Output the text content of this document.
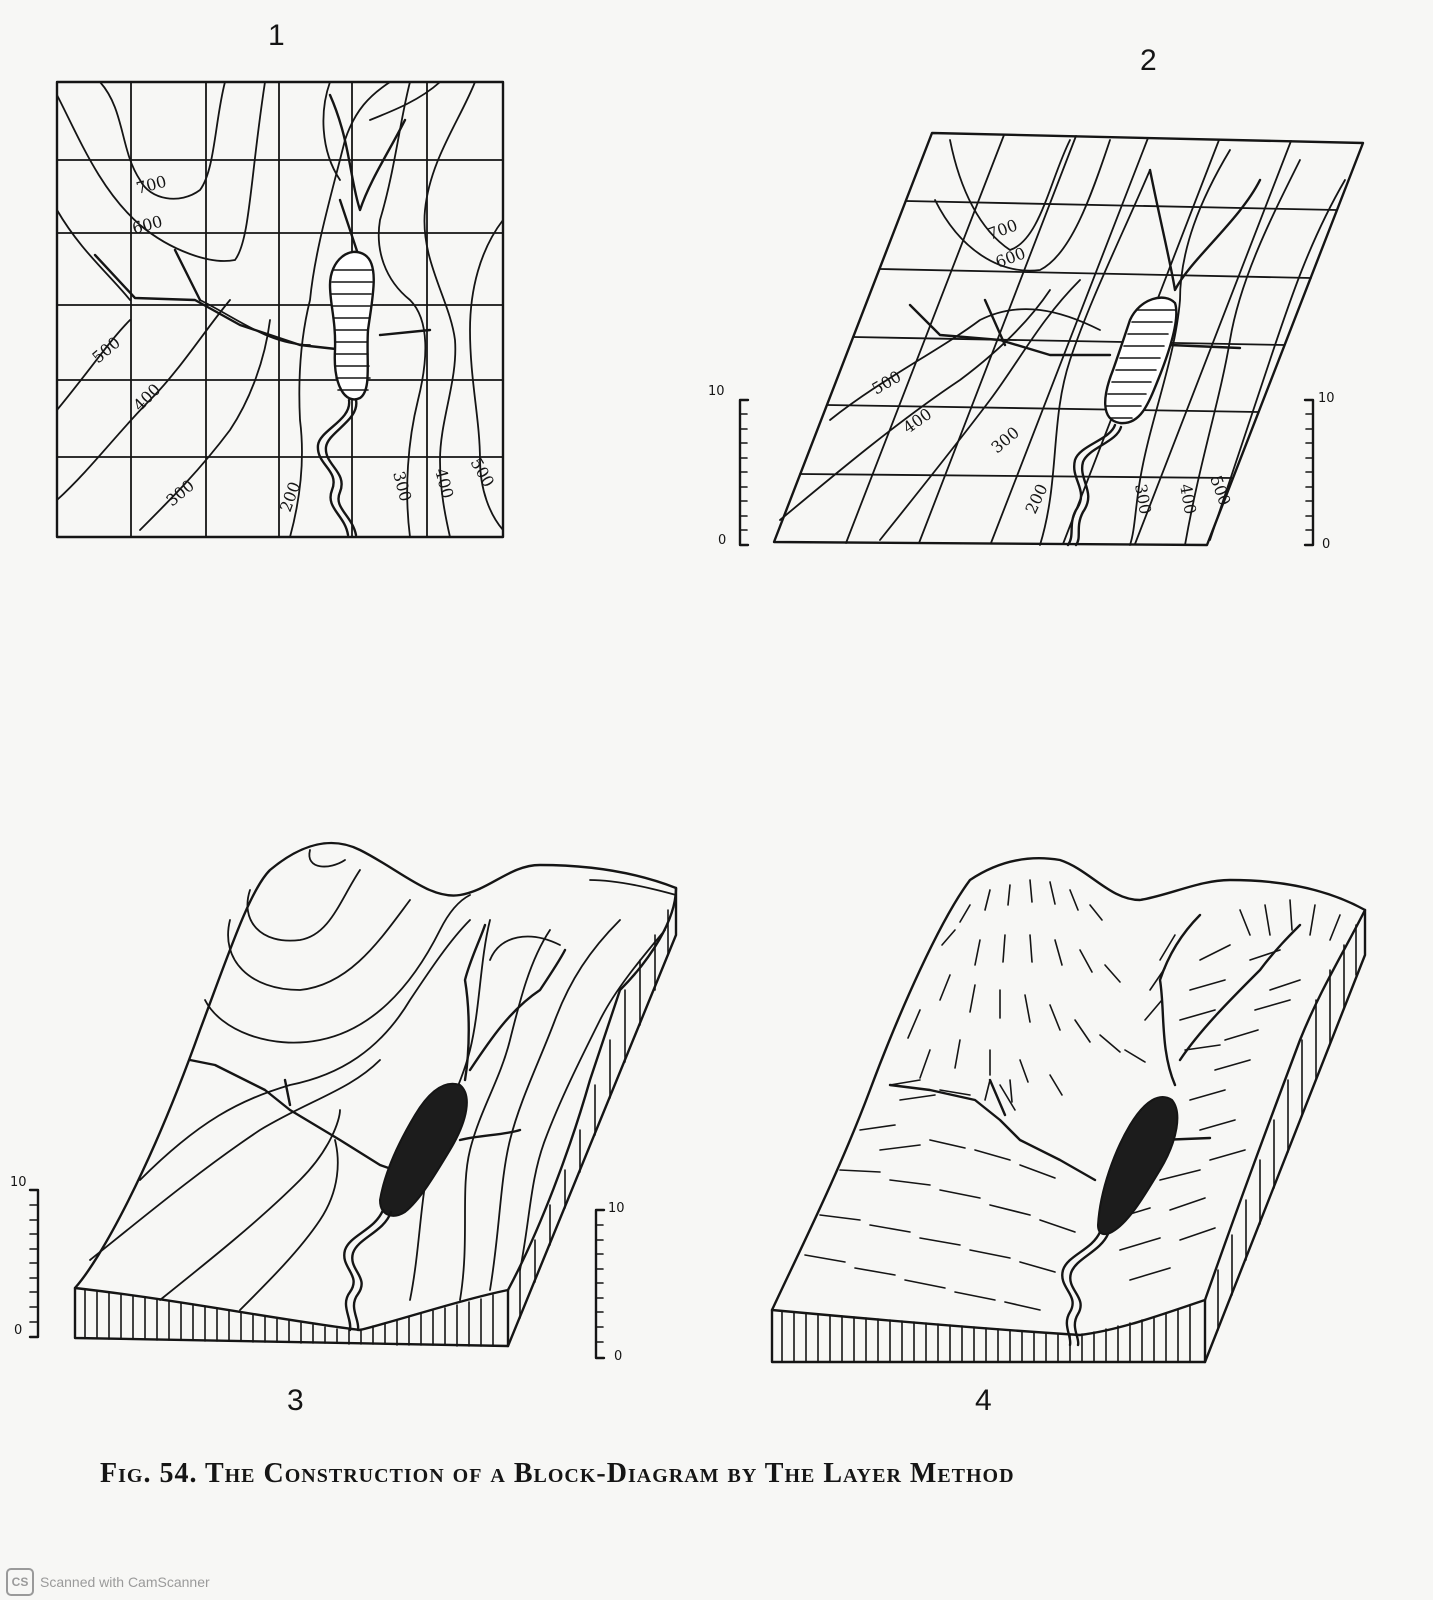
1
700
600
500
400
300	200	300 400 500
2
700
600
500
400
300
200	300 400 500
10
0
10
0
3
10
0
10
0
4
Fig. 54. The Construction of a Block-Diagram by The Layer Method
CS Scanned with CamScanner
